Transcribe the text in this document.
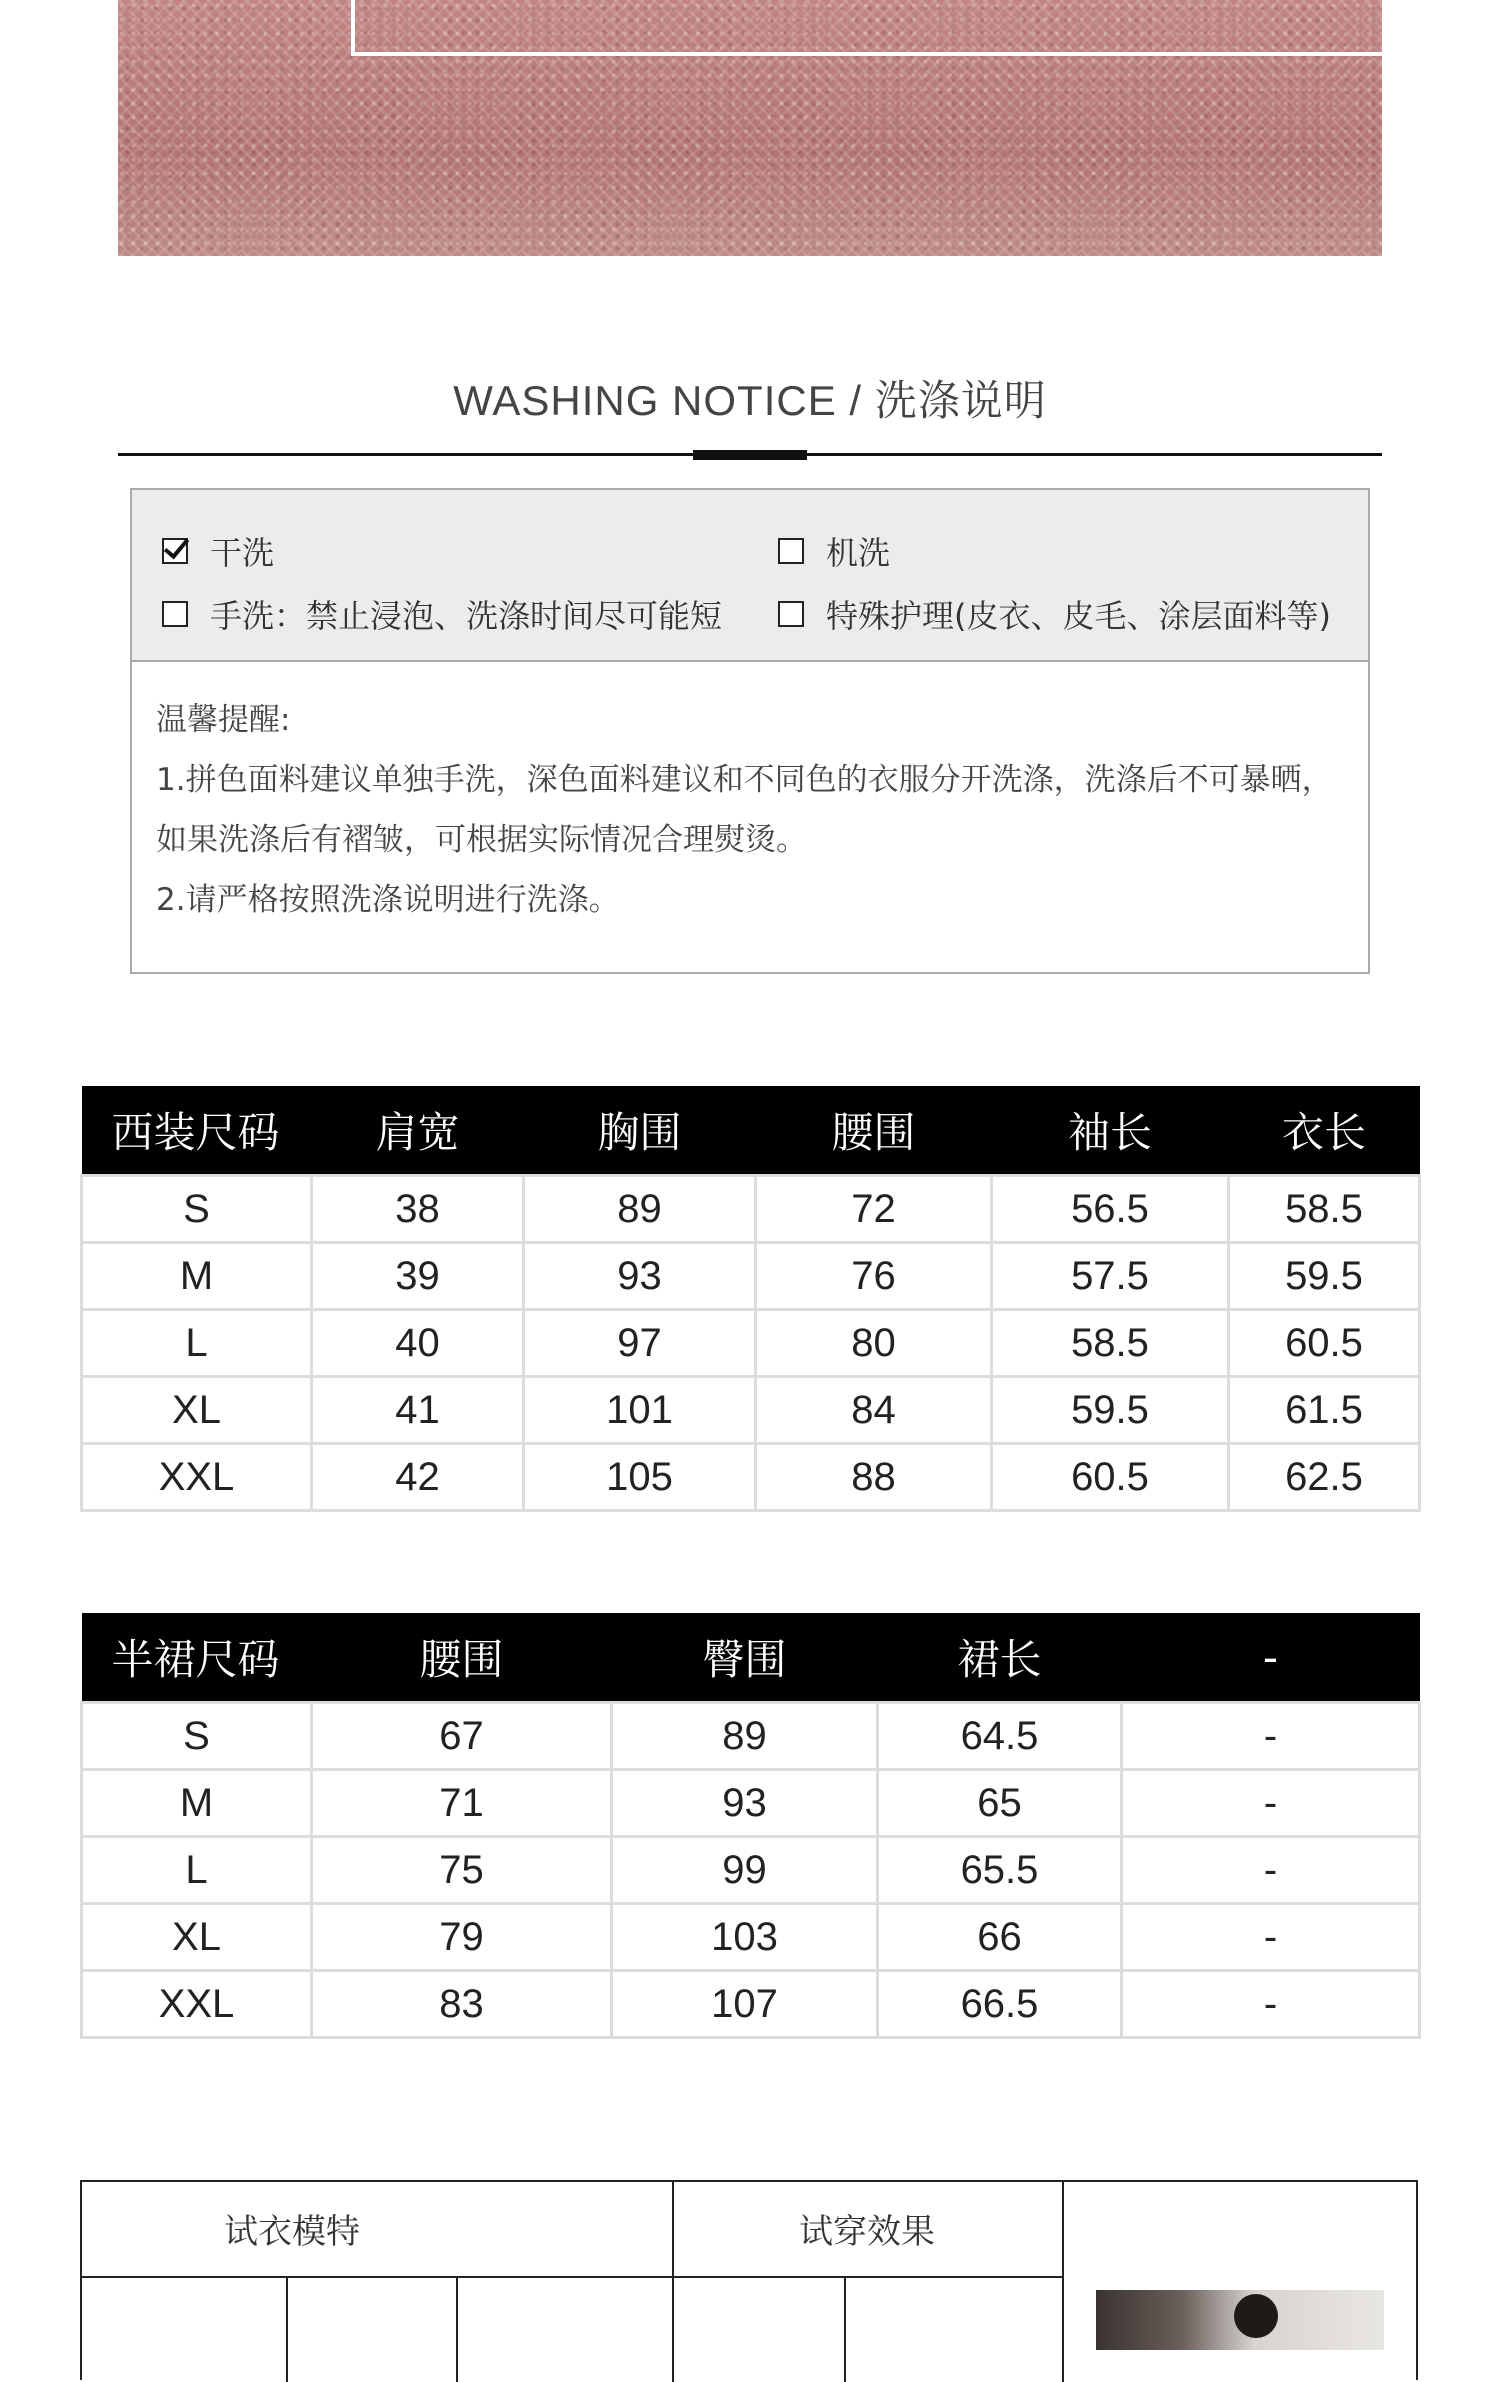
WASHING NOTICE / 洗涤说明
干洗	机洗
手洗：禁止浸泡、洗涤时间尽可能短	特殊护理(皮衣、皮毛、涂层面料等)
温馨提醒:
1.拼色面料建议单独手洗，深色面料建议和不同色的衣服分开洗涤，洗涤后不可暴晒，
如果洗涤后有褶皱，可根据实际情况合理熨烫。
2.请严格按照洗涤说明进行洗涤。
西装尺码	肩宽	胸围	腰围	袖长	衣长
S	38	89	72	56.5	58.5
M	39	93	76	57.5	59.5
L	40	97	80	58.5	60.5
XL	41	101	84	59.5	61.5
XXL	42	105	88	60.5	62.5
半裙尺码	腰围	臀围	裙长	-
S	67	89	64.5	-
M	71	93	65	-
L	75	99	65.5	-
XL	79	103	66	-
XXL	83	107	66.5	-
试衣模特	试穿效果
